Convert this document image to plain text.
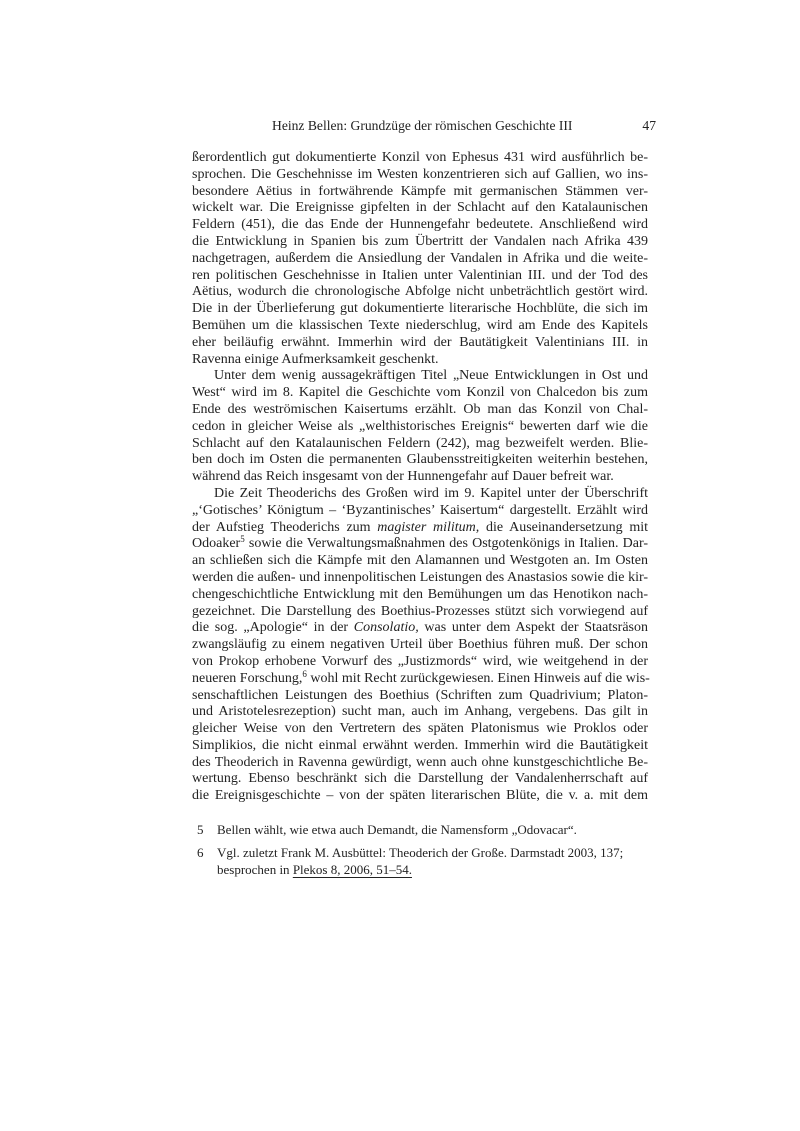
Heinz Bellen: Grundzüge der römischen Geschichte III	47
ßerordentlich gut dokumentierte Konzil von Ephesus 431 wird ausführlich be-
sprochen. Die Geschehnisse im Westen konzentrieren sich auf Gallien, wo ins-
besondere Aëtius in fortwährende Kämpfe mit germanischen Stämmen ver-
wickelt war. Die Ereignisse gipfelten in der Schlacht auf den Katalaunischen
Feldern (451), die das Ende der Hunnengefahr bedeutete. Anschließend wird
die Entwicklung in Spanien bis zum Übertritt der Vandalen nach Afrika 439
nachgetragen, außerdem die Ansiedlung der Vandalen in Afrika und die weite-
ren politischen Geschehnisse in Italien unter Valentinian III. und der Tod des
Aëtius, wodurch die chronologische Abfolge nicht unbeträchtlich gestört wird.
Die in der Überlieferung gut dokumentierte literarische Hochblüte, die sich im
Bemühen um die klassischen Texte niederschlug, wird am Ende des Kapitels
eher beiläufig erwähnt. Immerhin wird der Bautätigkeit Valentinians III. in
Ravenna einige Aufmerksamkeit geschenkt.
Unter dem wenig aussagekräftigen Titel „Neue Entwicklungen in Ost und
West“ wird im 8. Kapitel die Geschichte vom Konzil von Chalcedon bis zum
Ende des weströmischen Kaisertums erzählt. Ob man das Konzil von Chal-
cedon in gleicher Weise als „welthistorisches Ereignis“ bewerten darf wie die
Schlacht auf den Katalaunischen Feldern (242), mag bezweifelt werden. Blie-
ben doch im Osten die permanenten Glaubensstreitigkeiten weiterhin bestehen,
während das Reich insgesamt von der Hunnengefahr auf Dauer befreit war.
Die Zeit Theoderichs des Großen wird im 9. Kapitel unter der Überschrift
„‘Gotisches’ Königtum – ‘Byzantinisches’ Kaisertum“ dargestellt. Erzählt wird
der Aufstieg Theoderichs zum magister militum, die Auseinandersetzung mit
Odoaker$^5$ sowie die Verwaltungsmaßnahmen des Ostgotenkönigs in Italien. Dar-
an schließen sich die Kämpfe mit den Alamannen und Westgoten an. Im Osten
werden die außen- und innenpolitischen Leistungen des Anastasios sowie die kir-
chengeschichtliche Entwicklung mit den Bemühungen um das Henotikon nach-
gezeichnet. Die Darstellung des Boethius-Prozesses stützt sich vorwiegend auf
die sog. „Apologie“ in der Consolatio, was unter dem Aspekt der Staatsräson
zwangsläufig zu einem negativen Urteil über Boethius führen muß. Der schon
von Prokop erhobene Vorwurf des „Justizmords“ wird, wie weitgehend in der
neueren Forschung,$^6$ wohl mit Recht zurückgewiesen. Einen Hinweis auf die wis-
senschaftlichen Leistungen des Boethius (Schriften zum Quadrivium; Platon-
und Aristotelesrezeption) sucht man, auch im Anhang, vergebens. Das gilt in
gleicher Weise von den Vertretern des späten Platonismus wie Proklos oder
Simplikios, die nicht einmal erwähnt werden. Immerhin wird die Bautätigkeit
des Theoderich in Ravenna gewürdigt, wenn auch ohne kunstgeschichtliche Be-
wertung. Ebenso beschränkt sich die Darstellung der Vandalenherrschaft auf
die Ereignisgeschichte – von der späten literarischen Blüte, die v. a. mit dem
5 Bellen wählt, wie etwa auch Demandt, die Namensform „Odovacar“.
6 Vgl. zuletzt Frank M. Ausbüttel: Theoderich der Große. Darmstadt 2003, 137;
besprochen in Plekos 8, 2006, 51–54.
